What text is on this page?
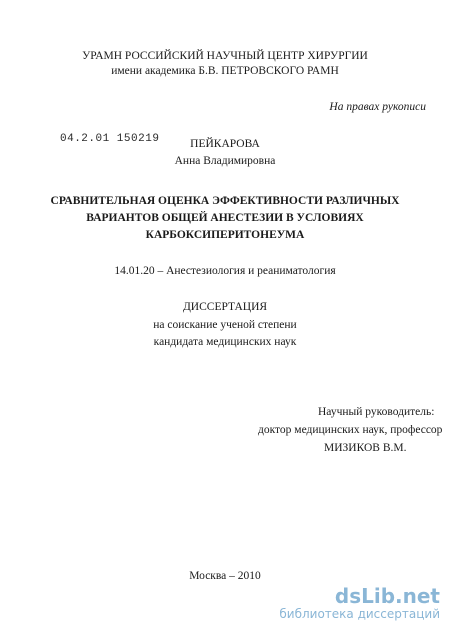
УРАМН РОССИЙСКИЙ НАУЧНЫЙ ЦЕНТР ХИРУРГИИ
имени академика Б.В. ПЕТРОВСКОГО РАМН
На правах рукописи
04.2.01 150219	ПЕЙКАРОВА
Анна Владимировна
СРАВНИТЕЛЬНАЯ ОЦЕНКА ЭФФЕКТИВНОСТИ РАЗЛИЧНЫХ
ВАРИАНТОВ ОБЩЕЙ АНЕСТЕЗИИ В УСЛОВИЯХ
КАРБОКСИПЕРИТОНЕУМА
14.01.20 – Анестезиология и реаниматология
ДИССЕРТАЦИЯ
на соискание ученой степени
кандидата медицинских наук
Научный руководитель:
доктор медицинских наук, профессор
МИЗИКОВ В.М.
Москва – 2010
dsLib.net
библиотека диссертаций
